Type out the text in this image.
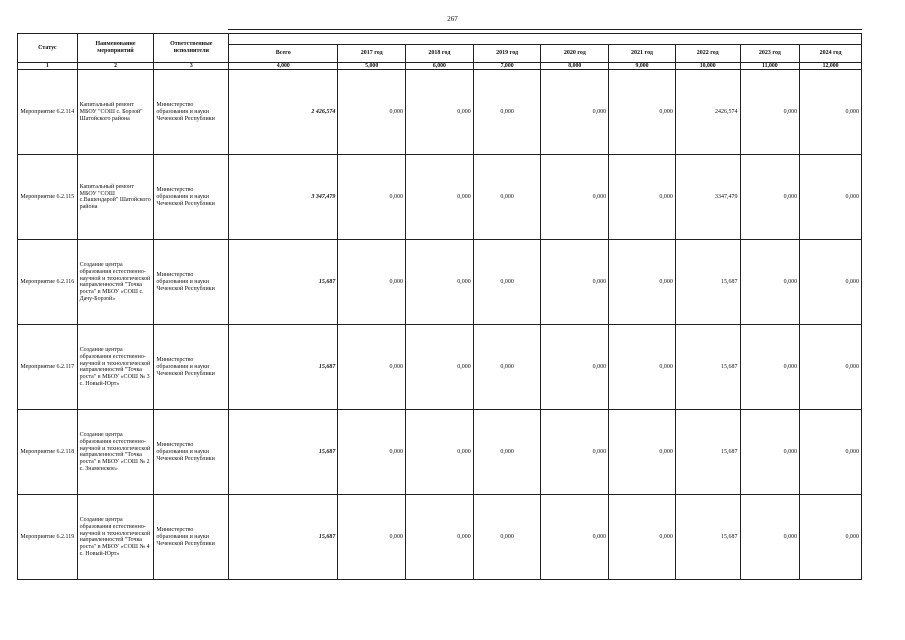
267
Статус	Наименование мероприятий	Ответственные исполнители									
			Всего	2017 год	2018 год	2019 год	2020 год	2021 год	2022 год	2023 год	2024 год
1	2	3	4,000	5,000	6,000	7,000	8,000	9,000	10,000	11,000	12,000
Мероприятие 6.2.114	Капитальный ремонт МБОУ "СОШ с. Борзой" Шатойского района	Министерство образования и науки Чеченской Республики	2 426,574	0,000	0,000	0,000	0,000	0,000	2426,574	0,000	0,000
Мероприятие 6.2.115	Капитальный ремонт МБОУ "СОШ с.Вашендарой" Шатойского района	Министерство образования и науки Чеченской Республики	3 347,479	0,000	0,000	0,000	0,000	0,000	3347,479	0,000	0,000
Мероприятие 6.2.116	Создание центра образования естественно-научной и технологической направленностей "Точка роста" в МБОУ «СОШ с. Дачу-Борзой»	Министерство образования и науки Чеченской Республики	15,687	0,000	0,000	0,000	0,000	0,000	15,687	0,000	0,000
Мероприятие 6.2.117	Создание центра образования естественно-научной и технологической направленностей "Точка роста" в МБОУ «СОШ № 3 с. Новый-Юрт»	Министерство образования и науки Чеченской Республики	15,687	0,000	0,000	0,000	0,000	0,000	15,687	0,000	0,000
Мероприятие 6.2.118	Создание центра образования естественно-научной и технологической направленностей "Точка роста" в МБОУ «СОШ № 2 с. Знаменское»	Министерство образования и науки Чеченской Республики	15,687	0,000	0,000	0,000	0,000	0,000	15,687	0,000	0,000
Мероприятие 6.2.119	Создание центра образования естественно-научной и технологической направленностей "Точка роста" в МБОУ «СОШ № 4 с. Новый-Юрт»	Министерство образования и науки Чеченской Республики	15,687	0,000	0,000	0,000	0,000	0,000	15,687	0,000	0,000
